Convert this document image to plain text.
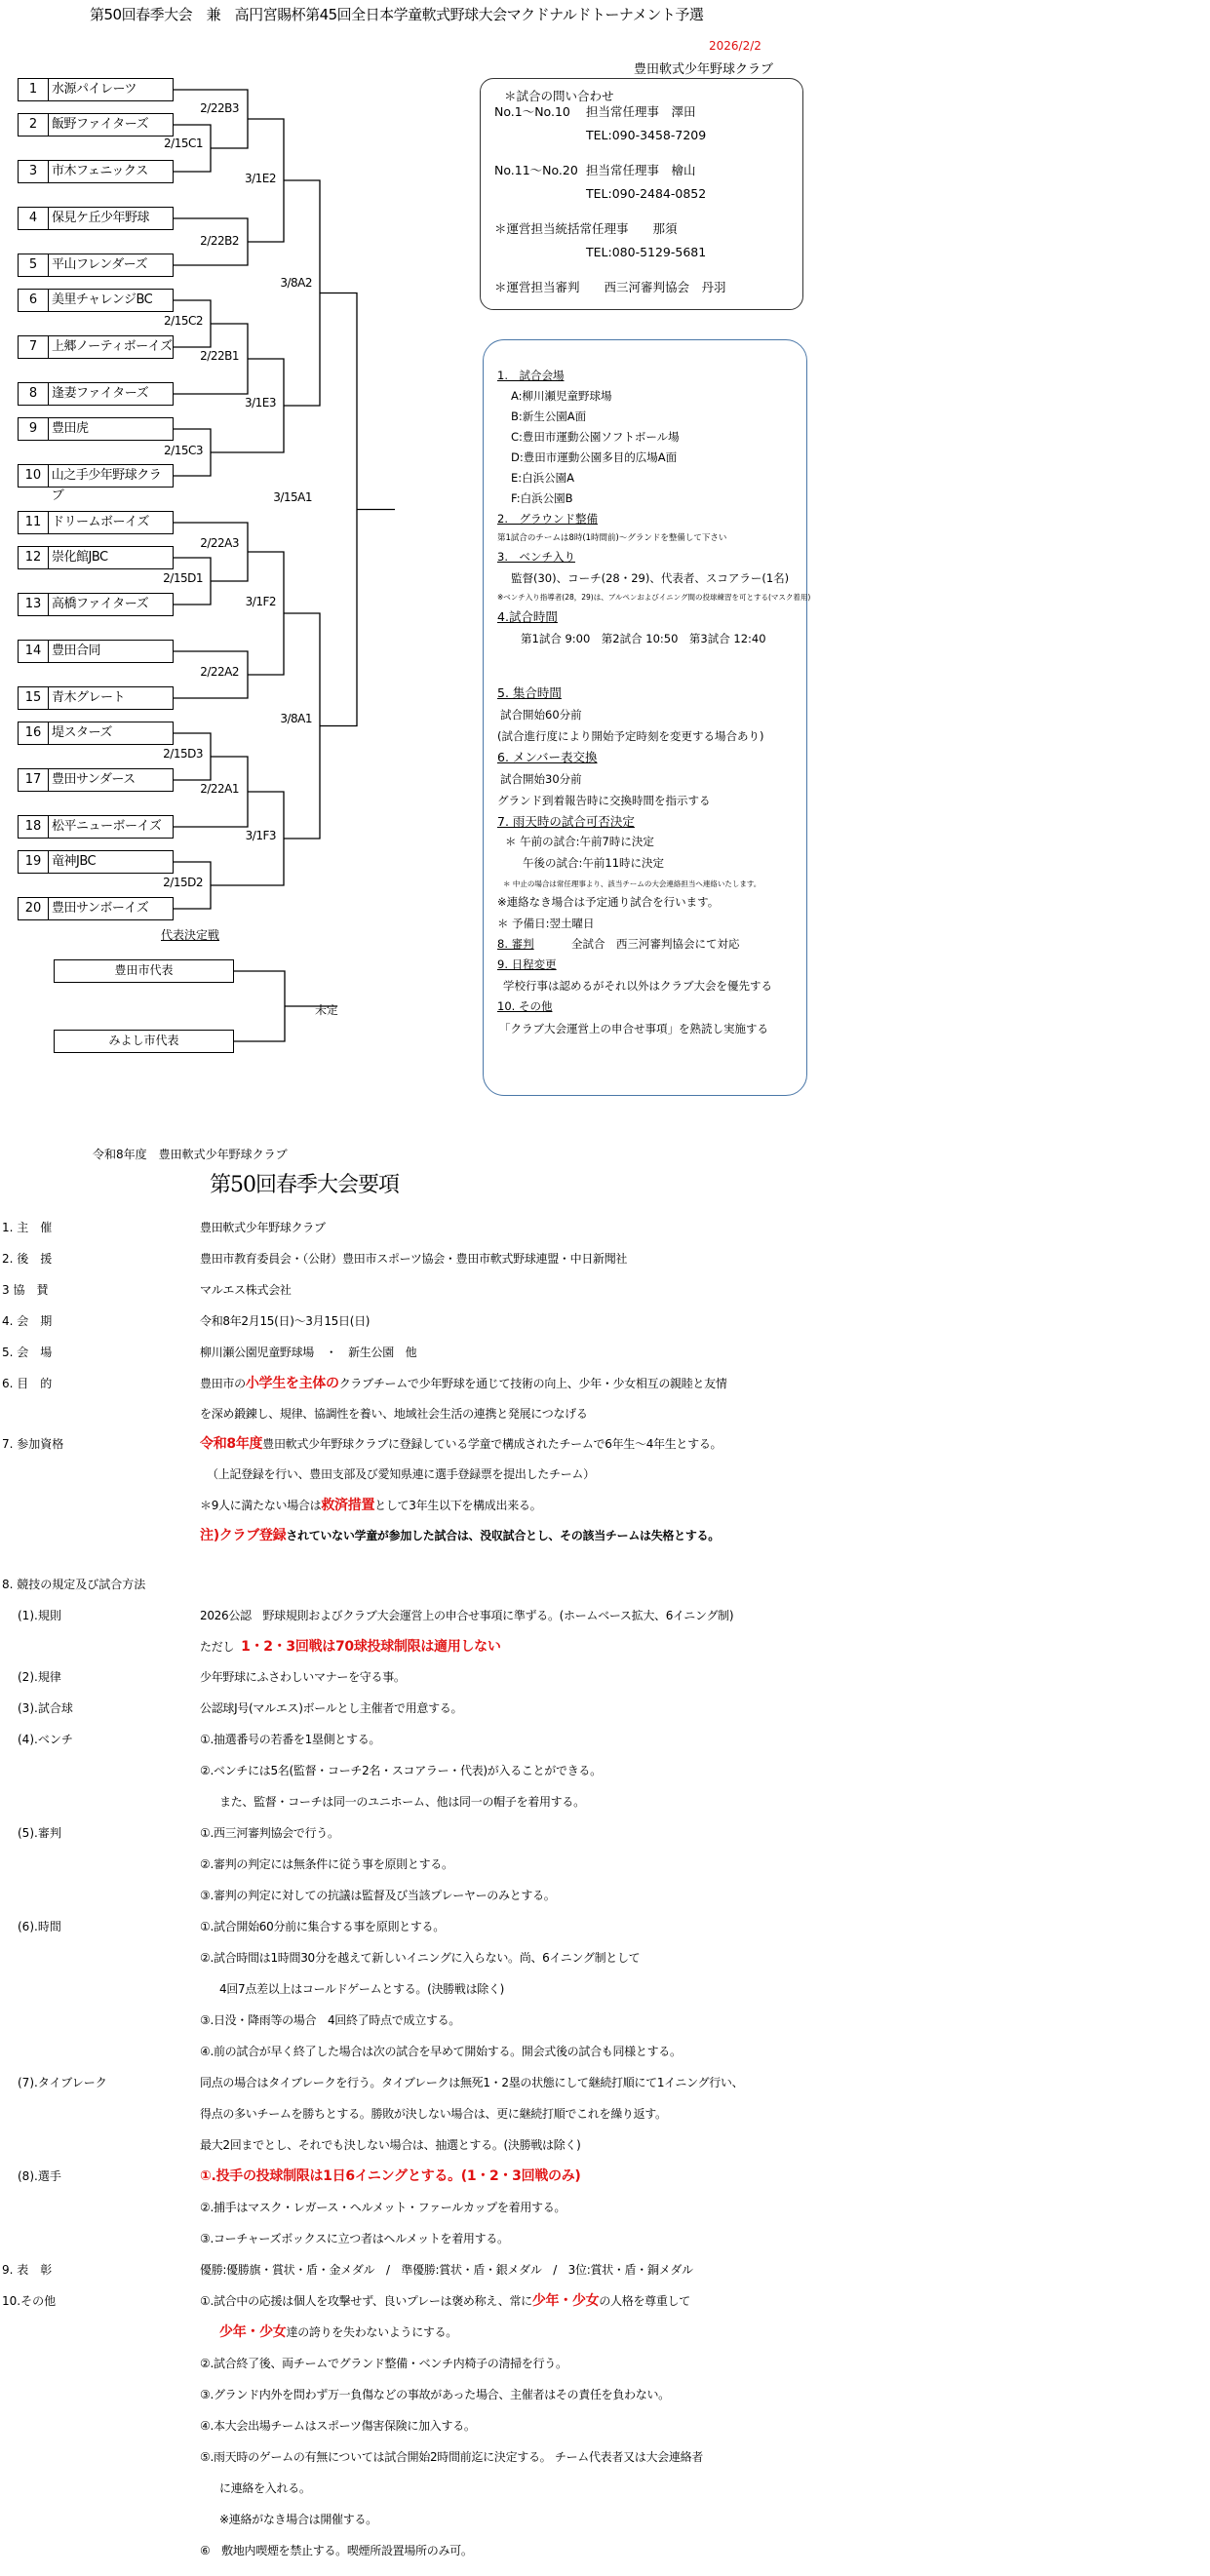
第50回春季大会　兼　高円宮賜杯第45回全日本学童軟式野球大会マクドナルドトーナメント予選
2026/2/2
豊田軟式少年野球クラブ
＊試合の問い合わせ
No.1～No.10 担当常任理事　澤田
TEL:090-3458-7209
No.11～No.20 担当常任理事　檜山
TEL:090-2484-0852
＊運営担当統括常任理事　　那須
TEL:080-5129-5681
＊運営担当審判　　西三河審判協会　丹羽
1	水源パイレーツ
2	飯野ファイターズ
3	市木フェニックス
4	保見ケ丘少年野球
5	平山フレンダーズ
6	美里チャレンジBC
7	上郷ノーティボーイズ
8	逢妻ファイターズ
9	豊田虎
10 山之手少年野球クラブ
11 ドリームボーイズ
12 崇化館JBC
13 高橋ファイターズ
14 豊田合同
15 青木グレート
16 堤スターズ
17 豊田サンダース
18 松平ニューボーイズ
19 竜神JBC
20 豊田サンボーイズ
2/22B3
2/15C1
2/22B2
3/1E2
3/8A2
2/15C2
2/22B1
2/15C3
3/1E3
3/15A1
2/22A3
2/15D1
3/1F2
2/22A2
3/8A1
2/15D3
2/22A1
3/1F3
2/15D2
1.　試合会場
A:柳川瀬児童野球場
B:新生公園A面
C:豊田市運動公園ソフトボール場
D:豊田市運動公園多目的広場A面
E:白浜公園A
F:白浜公園B
2.　グラウンド整備
第1試合のチームは8時(1時間前)～グランドを整備して下さい
3.　ベンチ入り
監督(30)、コーチ(28・29)、代表者、スコアラー(1名)
※ベンチ入り指導者(28，29)は、ブルペンおよびイニング間の投球練習を可とする(マスク着用)
4.試合時間
第1試合 9:00　第2試合 10:50　第3試合 12:40
5. 集合時間
試合開始60分前
(試合進行度により開始予定時刻を変更する場合あり)
6. メンバー表交換
試合開始30分前
グランド到着報告時に交換時間を指示する
7. 雨天時の試合可否決定
＊ 午前の試合:午前7時に決定
午後の試合:午前11時に決定
＊ 中止の場合は常任理事より、該当チームの大会連絡担当へ連絡いたします。
※連絡なき場合は予定通り試合を行います。
＊ 予備日:翌土曜日
8. 審判	全試合　西三河審判協会にて対応
9. 日程変更
学校行事は認めるがそれ以外はクラブ大会を優先する
10. その他
「クラブ大会運営上の申合せ事項」を熟読し実施する
代表決定戦
豊田市代表
みよし市代表
未定
令和8年度　豊田軟式少年野球クラブ
第50回春季大会要項
1. 主　催	豊田軟式少年野球クラブ
2. 後　援	豊田市教育委員会・（公財）豊田市スポーツ協会・豊田市軟式野球連盟・中日新聞社
3 協　賛	マルエス株式会社
4. 会　期	令和8年2月15(日)～3月15日(日)
5. 会　場	柳川瀬公園児童野球場　・　新生公園　他
6. 目　的	豊田市の小学生を主体のクラブチームで少年野球を通じて技術の向上、少年・少女相互の親睦と友情
を深め鍛錬し、規律、協調性を養い、地域社会生活の連携と発展につなげる
7. 参加資格	令和8年度豊田軟式少年野球クラブに登録している学童で構成されたチームで6年生～4年生とする。
（上記登録を行い、豊田支部及び愛知県連に選手登録票を提出したチーム）
＊9人に満たない場合は救済措置として3年生以下を構成出来る。
注)クラブ登録されていない学童が参加した試合は、没収試合とし、その該当チームは失格とする。
8. 競技の規定及び試合方法
(1).規則	2026公認　野球規則およびクラブ大会運営上の申合せ事項に準ずる。(ホームベース拡大、6イニング制)
ただし 1・2・3回戦は70球投球制限は適用しない
(2).規律	少年野球にふさわしいマナーを守る事。
(3).試合球	公認球J号(マルエス)ボールとし主催者で用意する。
(4).ベンチ	①.抽選番号の若番を1塁側とする。
②.ベンチには5名(監督・コーチ2名・スコアラー・代表)が入ることができる。
また、監督・コーチは同一のユニホーム、他は同一の帽子を着用する。
(5).審判	①.西三河審判協会で行う。
②.審判の判定には無条件に従う事を原則とする。
③.審判の判定に対しての抗議は監督及び当該プレーヤーのみとする。
(6).時間	①.試合開始60分前に集合する事を原則とする。
②.試合時間は1時間30分を越えて新しいイニングに入らない。尚、6イニング制として
4回7点差以上はコールドゲームとする。(決勝戦は除く)
③.日没・降雨等の場合　4回終了時点で成立する。
④.前の試合が早く終了した場合は次の試合を早めて開始する。開会式後の試合も同様とする。
(7).タイブレーク	同点の場合はタイブレークを行う。タイブレークは無死1・2塁の状態にして継続打順にて1イニング行い、
得点の多いチームを勝ちとする。勝敗が決しない場合は、更に継続打順でこれを繰り返す。
最大2回までとし、それでも決しない場合は、抽選とする。(決勝戦は除く)
(8).選手	①.投手の投球制限は1日6イニングとする。(1・2・3回戦のみ)
②.捕手はマスク・レガース・ヘルメット・ファールカップを着用する。
③.コーチャーズボックスに立つ者はヘルメットを着用する。
9. 表　彰	優勝:優勝旗・賞状・盾・金メダル　/　準優勝:賞状・盾・銀メダル　/　3位:賞状・盾・銅メダル
10.その他	①.試合中の応援は個人を攻撃せず、良いプレーは褒め称え、常に少年・少女の人格を尊重して
少年・少女達の誇りを失わないようにする。
②.試合終了後、両チームでグランド整備・ベンチ内椅子の清掃を行う。
③.グランド内外を問わず万一負傷などの事故があった場合、主催者はその責任を負わない。
④.本大会出場チームはスポーツ傷害保険に加入する。
⑤.雨天時のゲームの有無については試合開始2時間前迄に決定する。 チーム代表者又は大会連絡者
に連絡を入れる。
※連絡がなき場合は開催する。
⑥　敷地内喫煙を禁止する。喫煙所設置場所のみ可。
